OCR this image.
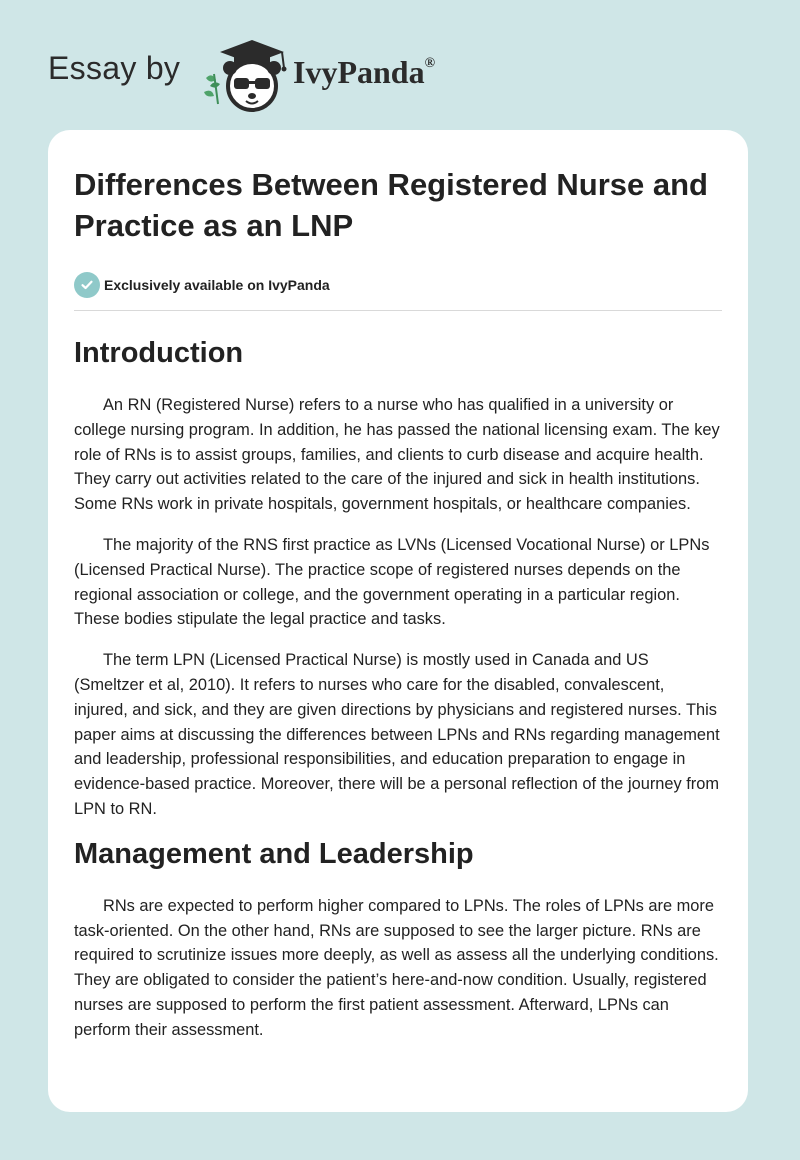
Essay by	IvyPanda®
Differences Between Registered Nurse and Practice as an LNP
Exclusively available on IvyPanda
Introduction

An RN (Registered Nurse) refers to a nurse who has qualified in a university or college nursing program. In addition, he has passed the national licensing exam. The key role of RNs is to assist groups, families, and clients to curb disease and acquire health. They carry out activities related to the care of the injured and sick in health institutions. Some RNs work in private hospitals, government hospitals, or healthcare companies.

The majority of the RNS first practice as LVNs (Licensed Vocational Nurse) or LPNs (Licensed Practical Nurse). The practice scope of registered nurses depends on the regional association or college, and the government operating in a particular region. These bodies stipulate the legal practice and tasks.

The term LPN (Licensed Practical Nurse) is mostly used in Canada and US (Smeltzer et al, 2010). It refers to nurses who care for the disabled, convalescent, injured, and sick, and they are given directions by physicians and registered nurses. This paper aims at discussing the differences between LPNs and RNs regarding management and leadership, professional responsibilities, and education preparation to engage in evidence-based practice. Moreover, there will be a personal reflection of the journey from LPN to RN.

Management and Leadership

RNs are expected to perform higher compared to LPNs. The roles of LPNs are more task-oriented. On the other hand, RNs are supposed to see the larger picture. RNs are required to scrutinize issues more deeply, as well as assess all the underlying conditions. They are obligated to consider the patient’s here-and-now condition. Usually, registered nurses are supposed to perform the first patient assessment. Afterward, LPNs can perform their assessment.
